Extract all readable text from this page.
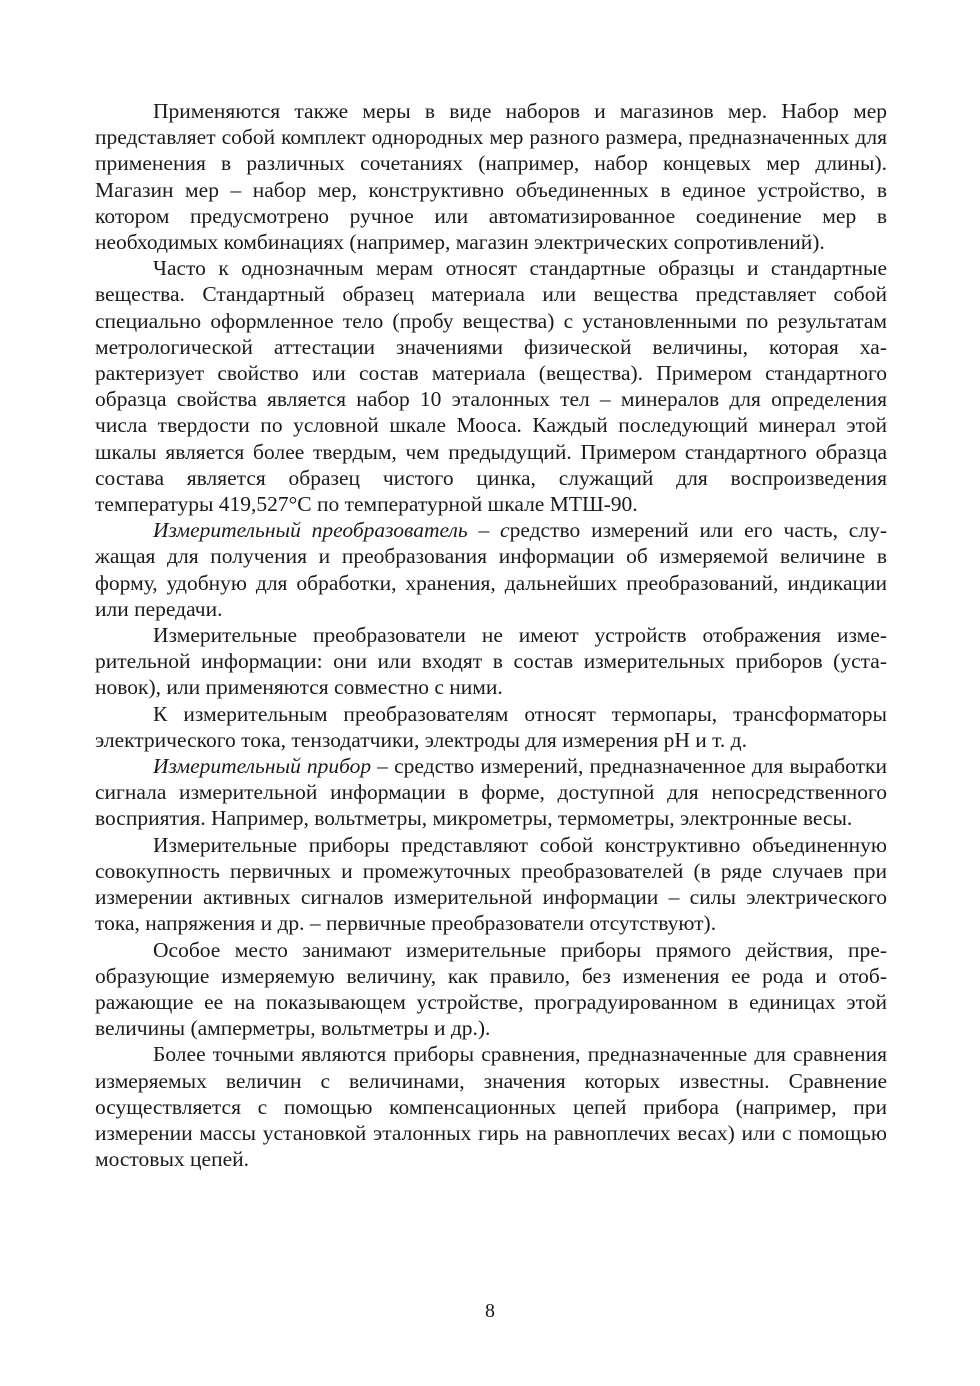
Применяются также меры в виде наборов и магазинов мер. Набор мер представляет собой комплект однородных мер разного размера, предназначенных для применения в различных сочетаниях (например, набор концевых мер длины). Магазин мер – набор мер, конструктивно объединенных в единое устройство, в котором предусмотрено ручное или автоматизированное соединение мер в необходимых комбинациях (например, магазин электрических сопротивлений).

Часто к однозначным мерам относят стандартные образцы и стандартные вещества. Стандартный образец материала или вещества представляет собой специально оформленное тело (пробу вещества) с установленными по результатам метрологической аттестации значениями физической величины, которая характеризует свойство или состав материала (вещества). Примером стандартного образца свойства является набор 10 эталонных тел – минералов для определения числа твердости по условной шкале Мооса. Каждый последующий минерал этой шкалы является более твердым, чем предыдущий. Примером стандартного образца состава является образец чистого цинка, служащий для воспроизведения температуры 419,527°С по температурной шкале МТШ-90.

Измерительный преобразователь – средство измерений или его часть, служащая для получения и преобразования информации об измеряемой величине в форму, удобную для обработки, хранения, дальнейших преобразований, индикации или передачи.

Измерительные преобразователи не имеют устройств отображения измерительной информации: они или входят в состав измерительных приборов (установок), или применяются совместно с ними.

К измерительным преобразователям относят термопары, трансформаторы электрического тока, тензодатчики, электроды для измерения pH и т. д.

Измерительный прибор – средство измерений, предназначенное для выработки сигнала измерительной информации в форме, доступной для непосредственного восприятия. Например, вольтметры, микрометры, термометры, электронные весы.

Измерительные приборы представляют собой конструктивно объединенную совокупность первичных и промежуточных преобразователей (в ряде случаев при измерении активных сигналов измерительной информации – силы электрического тока, напряжения и др. – первичные преобразователи отсутствуют).

Особое место занимают измерительные приборы прямого действия, преобразующие измеряемую величину, как правило, без изменения ее рода и отображающие ее на показывающем устройстве, проградуированном в единицах этой величины (амперметры, вольтметры и др.).

Более точными являются приборы сравнения, предназначенные для сравнения измеряемых величин с величинами, значения которых известны. Сравнение осуществляется с помощью компенсационных цепей прибора (например, при измерении массы установкой эталонных гирь на равноплечих весах) или с помощью мостовых цепей.

8
